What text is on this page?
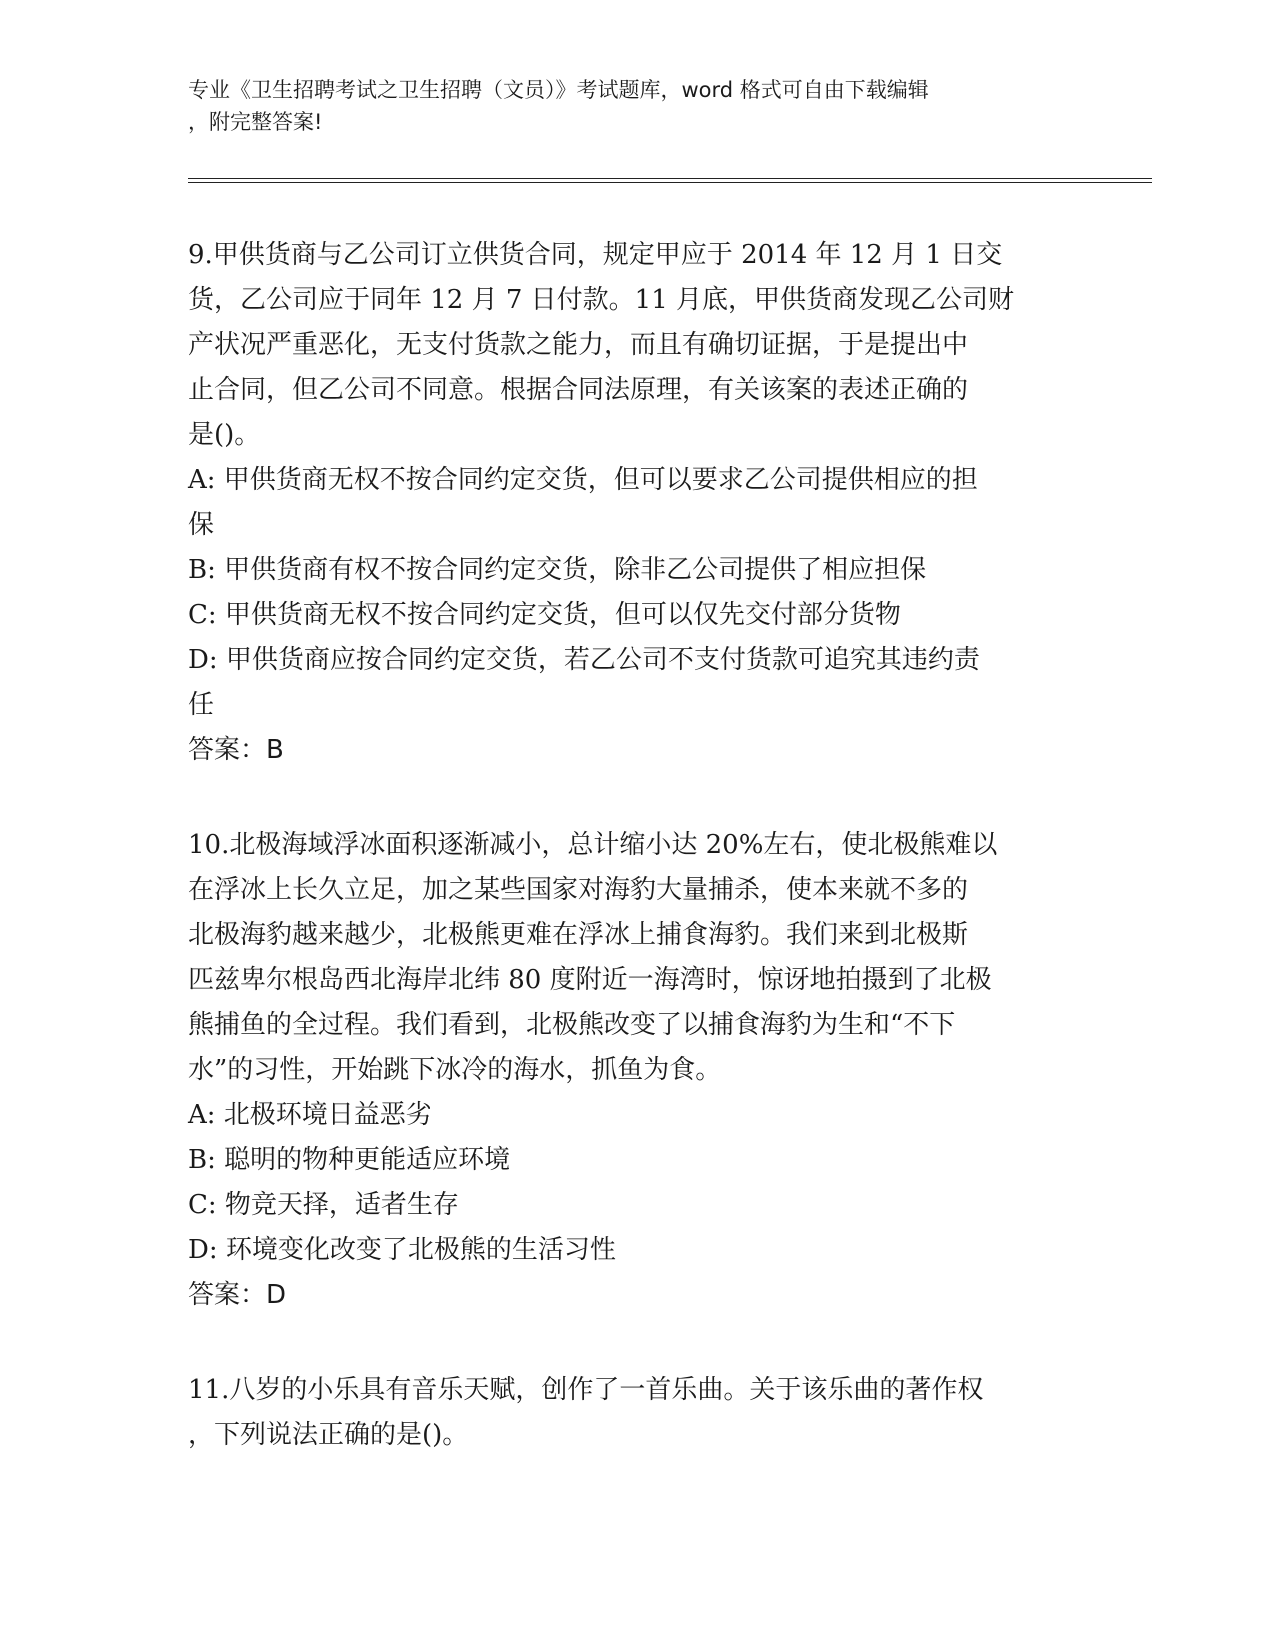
专业《卫生招聘考试之卫生招聘（文员）》考试题库，word 格式可自由下载编辑
，附完整答案!
9.甲供货商与乙公司订立供货合同，规定甲应于 2014 年 12 月 1 日交
货，乙公司应于同年 12 月 7 日付款。11 月底，甲供货商发现乙公司财
产状况严重恶化，无支付货款之能力，而且有确切证据，于是提出中
止合同，但乙公司不同意。根据合同法原理，有关该案的表述正确的
是()。
A: 甲供货商无权不按合同约定交货，但可以要求乙公司提供相应的担
保
B: 甲供货商有权不按合同约定交货，除非乙公司提供了相应担保
C: 甲供货商无权不按合同约定交货，但可以仅先交付部分货物
D: 甲供货商应按合同约定交货，若乙公司不支付货款可追究其违约责
任
答案：B
10.北极海域浮冰面积逐渐减小，总计缩小达 20%左右，使北极熊难以
在浮冰上长久立足，加之某些国家对海豹大量捕杀，使本来就不多的
北极海豹越来越少，北极熊更难在浮冰上捕食海豹。我们来到北极斯
匹兹卑尔根岛西北海岸北纬 80 度附近一海湾时，惊讶地拍摄到了北极
熊捕鱼的全过程。我们看到，北极熊改变了以捕食海豹为生和“不下
水”的习性，开始跳下冰冷的海水，抓鱼为食。
A: 北极环境日益恶劣
B: 聪明的物种更能适应环境
C: 物竞天择，适者生存
D: 环境变化改变了北极熊的生活习性
答案：D
11.八岁的小乐具有音乐天赋，创作了一首乐曲。关于该乐曲的著作权
，下列说法正确的是()。
